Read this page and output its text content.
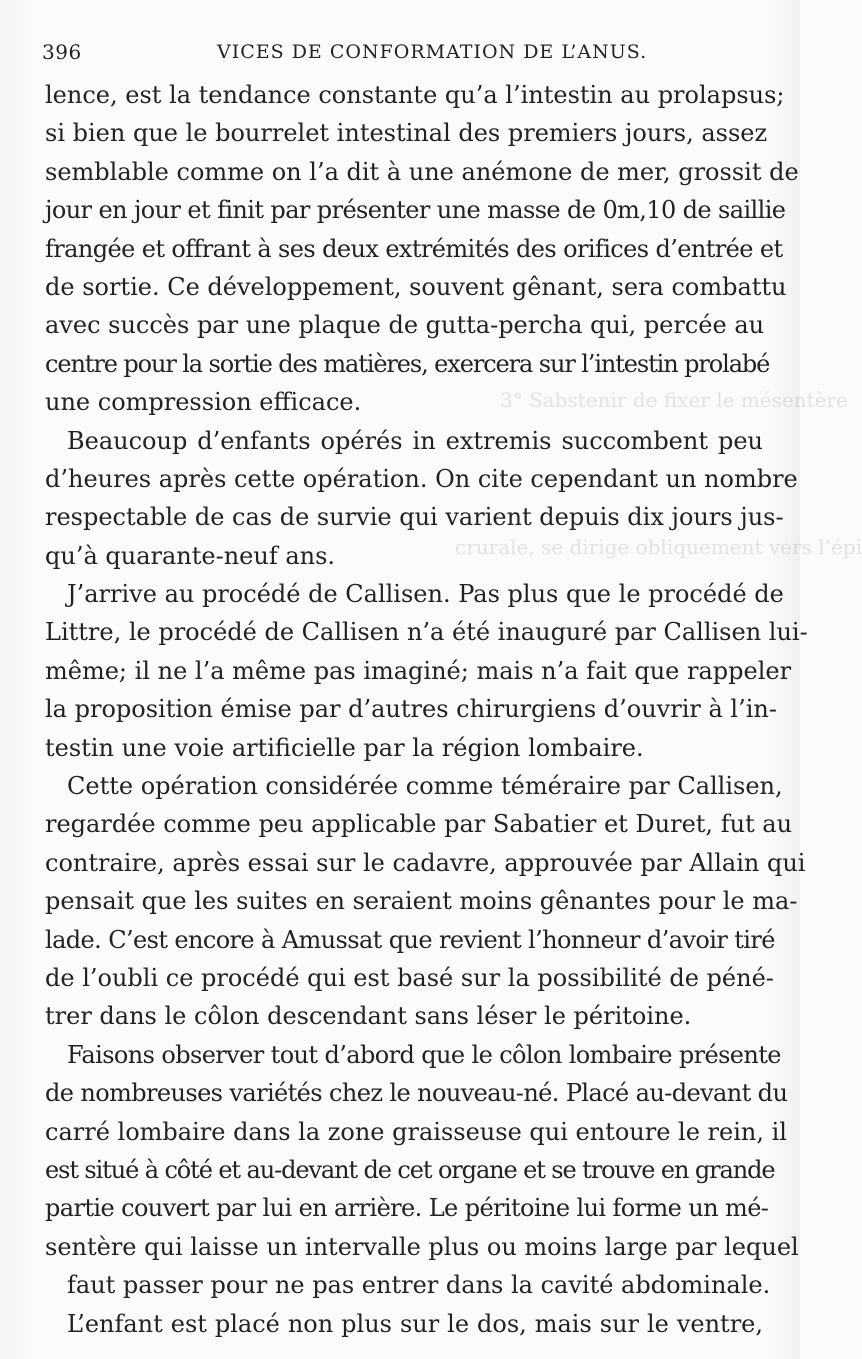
3° Sabstenir de fixer le mésentère
crurale, se dirige obliquement vers l’épi
396	VICES DE CONFORMATION DE L’ANUS.
lence, est la tendance constante qu’a l’intestin au prolapsus;
si bien que le bourrelet intestinal des premiers jours, assez
semblable comme on l’a dit à une anémone de mer, grossit de
jour en jour et finit par présenter une masse de 0m,10 de saillie
frangée et offrant à ses deux extrémités des orifices d’entrée et
de sortie. Ce développement, souvent gênant, sera combattu
avec succès par une plaque de gutta-percha qui, percée au
centre pour la sortie des matières, exercera sur l’intestin prolabé
une compression efficace.
Beaucoup d’enfants opérés in extremis succombent peu
d’heures après cette opération. On cite cependant un nombre
respectable de cas de survie qui varient depuis dix jours jus-
qu’à quarante-neuf ans.
J’arrive au procédé de Callisen. Pas plus que le procédé de
Littre, le procédé de Callisen n’a été inauguré par Callisen lui-
même; il ne l’a même pas imaginé; mais n’a fait que rappeler
la proposition émise par d’autres chirurgiens d’ouvrir à l’in-
testin une voie artificielle par la région lombaire.
Cette opération considérée comme téméraire par Callisen,
regardée comme peu applicable par Sabatier et Duret, fut au
contraire, après essai sur le cadavre, approuvée par Allain qui
pensait que les suites en seraient moins gênantes pour le ma-
lade. C’est encore à Amussat que revient l’honneur d’avoir tiré
de l’oubli ce procédé qui est basé sur la possibilité de péné-
trer dans le côlon descendant sans léser le péritoine.
Faisons observer tout d’abord que le côlon lombaire présente
de nombreuses variétés chez le nouveau-né. Placé au-devant du
carré lombaire dans la zone graisseuse qui entoure le rein, il
est situé à côté et au-devant de cet organe et se trouve en grande
partie couvert par lui en arrière. Le péritoine lui forme un mé-
sentère qui laisse un intervalle plus ou moins large par lequel
faut passer pour ne pas entrer dans la cavité abdominale.
L’enfant est placé non plus sur le dos, mais sur le ventre,
